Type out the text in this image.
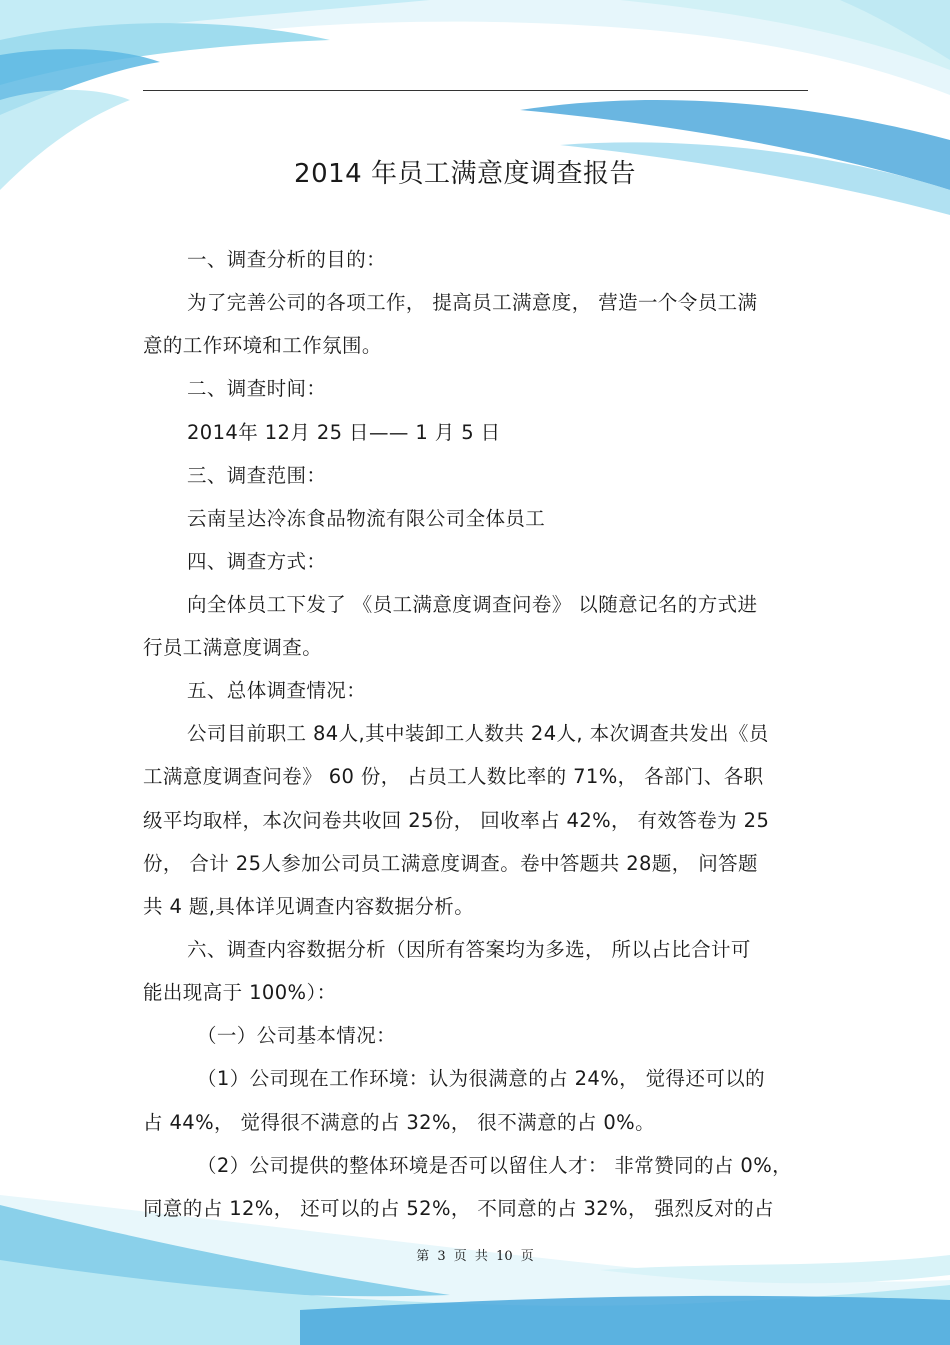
2014 年员工满意度调查报告
一、调查分析的目的：
为了完善公司的各项工作， 提高员工满意度， 营造一个令员工满
意的工作环境和工作氛围。
二、调查时间：
2014年 12月 25 日—— 1 月 5 日
三、调查范围：
云南呈达冷冻食品物流有限公司全体员工
四、调查方式：
向全体员工下发了 《员工满意度调查问卷》 以随意记名的方式进
行员工满意度调查。
五、总体调查情况：
公司目前职工 84人,其中装卸工人数共 24人, 本次调查共发出《员
工满意度调查问卷》 60 份， 占员工人数比率的 71%， 各部门、各职
级平均取样，本次问卷共收回 25份， 回收率占 42%， 有效答卷为 25
份， 合计 25人参加公司员工满意度调查。卷中答题共 28题， 问答题
共 4 题,具体详见调查内容数据分析。
六、调查内容数据分析（因所有答案均为多选， 所以占比合计可
能出现高于 100%）：
（一）公司基本情况：
（1）公司现在工作环境：认为很满意的占 24%， 觉得还可以的
占 44%， 觉得很不满意的占 32%， 很不满意的占 0%。
（2）公司提供的整体环境是否可以留住人才： 非常赞同的占 0%，
同意的占 12%， 还可以的占 52%， 不同意的占 32%， 强烈反对的占
第 3 页 共 10 页
